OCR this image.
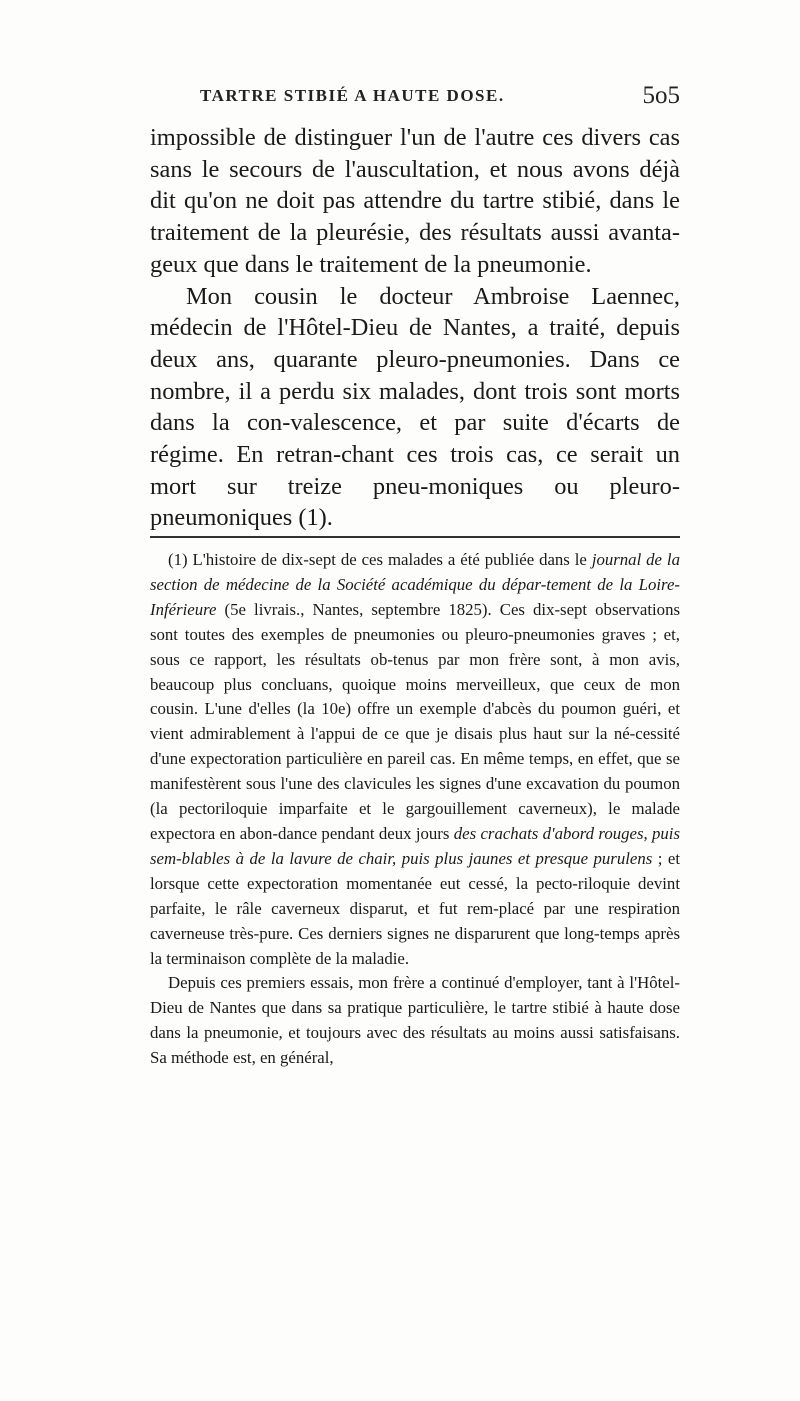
TARTRE STIBIÉ A HAUTE DOSE.	5o5

impossible de distinguer l'un de l'autre ces divers cas sans le secours de l'auscultation, et nous avons déjà dit qu'on ne doit pas attendre du tartre stibié, dans le traitement de la pleurésie, des résultats aussi avanta-geux que dans le traitement de la pneumonie.

Mon cousin le docteur Ambroise Laennec, médecin de l'Hôtel-Dieu de Nantes, a traité, depuis deux ans, quarante pleuro-pneumonies. Dans ce nombre, il a perdu six malades, dont trois sont morts dans la con-valescence, et par suite d'écarts de régime. En retran-chant ces trois cas, ce serait un mort sur treize pneu-moniques ou pleuro-pneumoniques (1).

(1) L'histoire de dix-sept de ces malades a été publiée dans le journal de la section de médecine de la Société académique du dépar-tement de la Loire-Inférieure (5e livrais., Nantes, septembre 1825). Ces dix-sept observations sont toutes des exemples de pneumonies ou pleuro-pneumonies graves ; et, sous ce rapport, les résultats ob-tenus par mon frère sont, à mon avis, beaucoup plus concluans, quoique moins merveilleux, que ceux de mon cousin. L'une d'elles (la 10e) offre un exemple d'abcès du poumon guéri, et vient admirablement à l'appui de ce que je disais plus haut sur la né-cessité d'une expectoration particulière en pareil cas. En même temps, en effet, que se manifestèrent sous l'une des clavicules les signes d'une excavation du poumon (la pectoriloquie imparfaite et le gargouillement caverneux), le malade expectora en abon-dance pendant deux jours des crachats d'abord rouges, puis sem-blables à de la lavure de chair, puis plus jaunes et presque purulens ; et lorsque cette expectoration momentanée eut cessé, la pecto-riloquie devint parfaite, le râle caverneux disparut, et fut rem-placé par une respiration caverneuse très-pure. Ces derniers signes ne disparurent que long-temps après la terminaison complète de la maladie.

Depuis ces premiers essais, mon frère a continué d'employer, tant à l'Hôtel-Dieu de Nantes que dans sa pratique particulière, le tartre stibié à haute dose dans la pneumonie, et toujours avec des résultats au moins aussi satisfaisans. Sa méthode est, en général,
